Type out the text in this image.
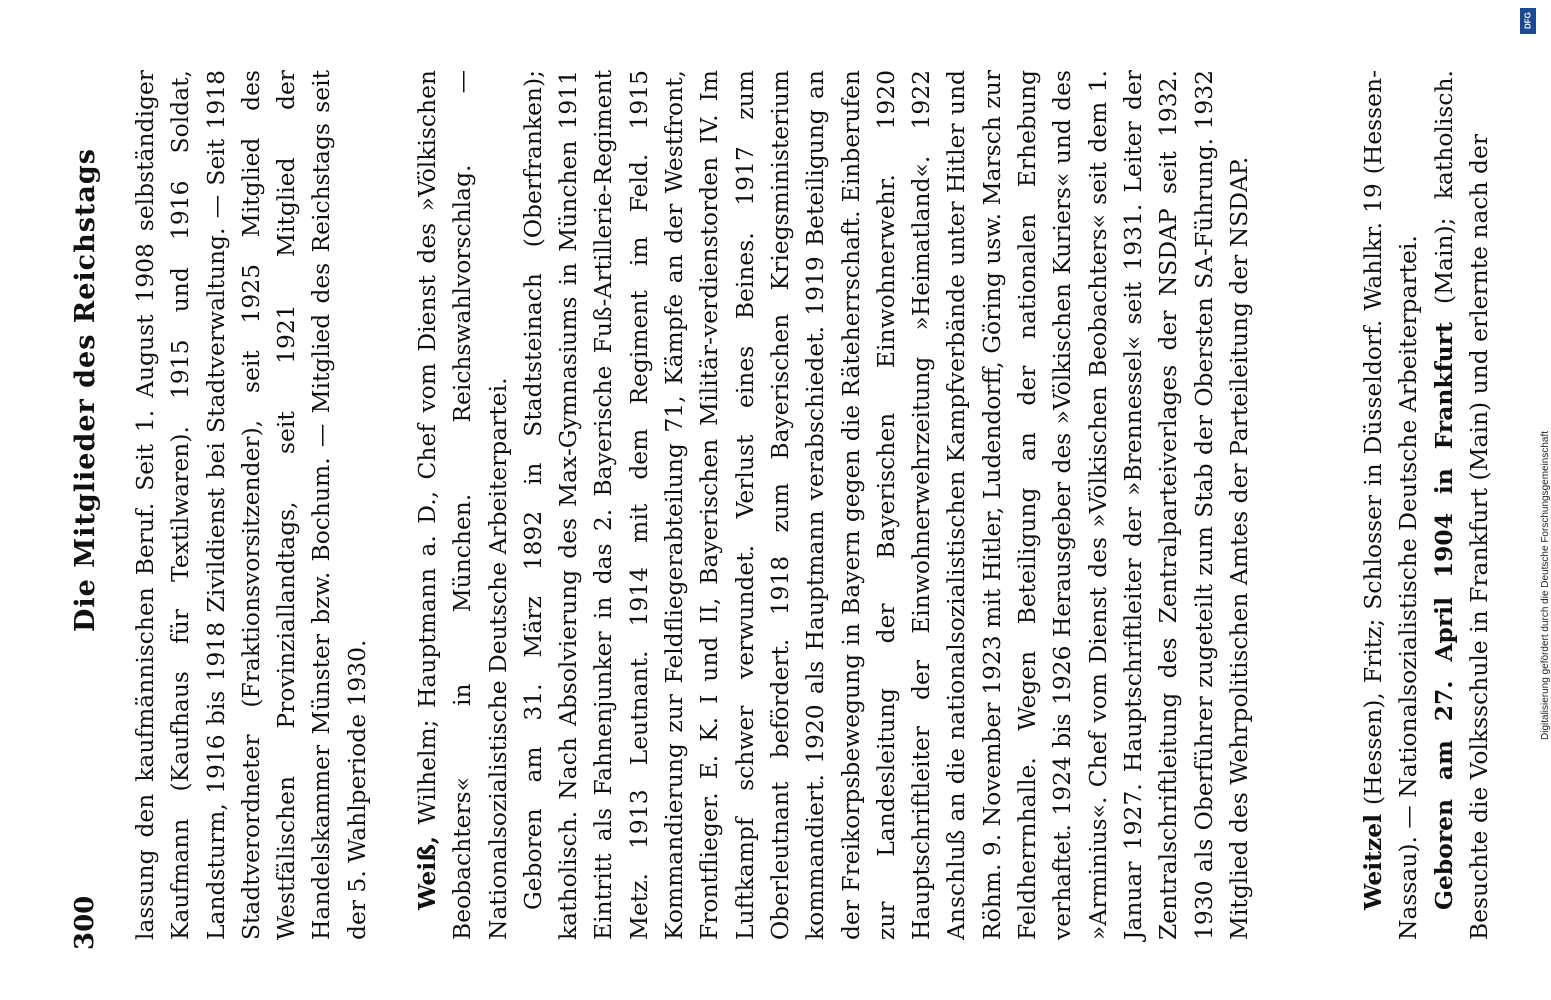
300
Die Mitglieder des Reichstags lassung den kaufmännischen Beruf. Seit 1. August 1908 selbständiger Kaufmann (Kaufhaus für Textilwaren). 1915 und 1916 Soldat, Landsturm, 1916 bis 1918 Zivildienst bei Stadtverwaltung. — Seit 1918 Stadtverordneter (Fraktionsvorsitzender), seit 1925 Mitglied des Westfälischen Provinziallandtags, seit 1921 Mitglied der Handelskammer Münster bzw. Bochum. — Mitglied des Reichstags seit der 5. Wahlperiode 1930. Weiß, Wilhelm; Hauptmann a. D., Chef vom Dienst des »Völkischen Beobachters« in München. Reichswahlvorschlag. — Nationalsozialistische Deutsche Arbeiterpartei. Geboren am 31. März 1892 in Stadtsteinach (Oberfranken); katholisch. Nach Absolvierung des Max-Gymnasiums in München 1911 Eintritt als Fahnenjunker in das 2. Bayerische Fuß-Artillerie-Regiment Metz. 1913 Leutnant. 1914 mit dem Regiment im Feld. 1915 Kommandierung zur Feldfliegerabteilung 71, Kämpfe an der Westfront, Frontflieger. E. K. I und II, Bayerischen Militär-verdienstorden IV. Im Luftkampf schwer verwundet. Verlust eines Beines. 1917 zum Oberleutnant befördert. 1918 zum Bayerischen Kriegsministerium kommandiert. 1920 als Hauptmann verabschiedet. 1919 Beteiligung an der Freikorpsbewegung in Bayern gegen die Räteherrschaft. Einberufen zur Landesleitung der Bayerischen Einwohnerwehr. 1920 Hauptschriftleiter der Einwohnerwehrzeitung »Heimatland«. 1922 Anschluß an die nationalsozialistischen Kampfverbände unter Hitler und Röhm. 9. November 1923 mit Hitler, Ludendorff, Göring usw. Marsch zur Feldherrnhalle. Wegen Beteiligung an der nationalen Erhebung verhaftet. 1924 bis 1926 Herausgeber des »Völkischen Kuriers« und des »Arminius«. Chef vom Dienst des »Völkischen Beobachters« seit dem 1. Januar 1927. Hauptschriftleiter der »Brennessel« seit 1931. Leiter der Zentralschriftleitung des Zentralparteiverlages der NSDAP seit 1932. 1930 als Oberführer zugeteilt zum Stab der Obersten SA-Führung. 1932 Mitglied des Wehrpolitischen Amtes der Parteileitung der NSDAP.	Weitzel (Hessen), Fritz; Schlosser in Düsseldorf. Wahlkr. 19 (Hessen-Nassau). — Nationalsozialistische Deutsche Arbeiterpartei. Geboren am 27. April 1904 in Frankfurt (Main); katholisch. Besuchte die Volksschule in Frankfurt (Main) und erlernte nach der	Digitalisierung gefördert durch die Deutsche Forschungsgemeinschaft
DFG
